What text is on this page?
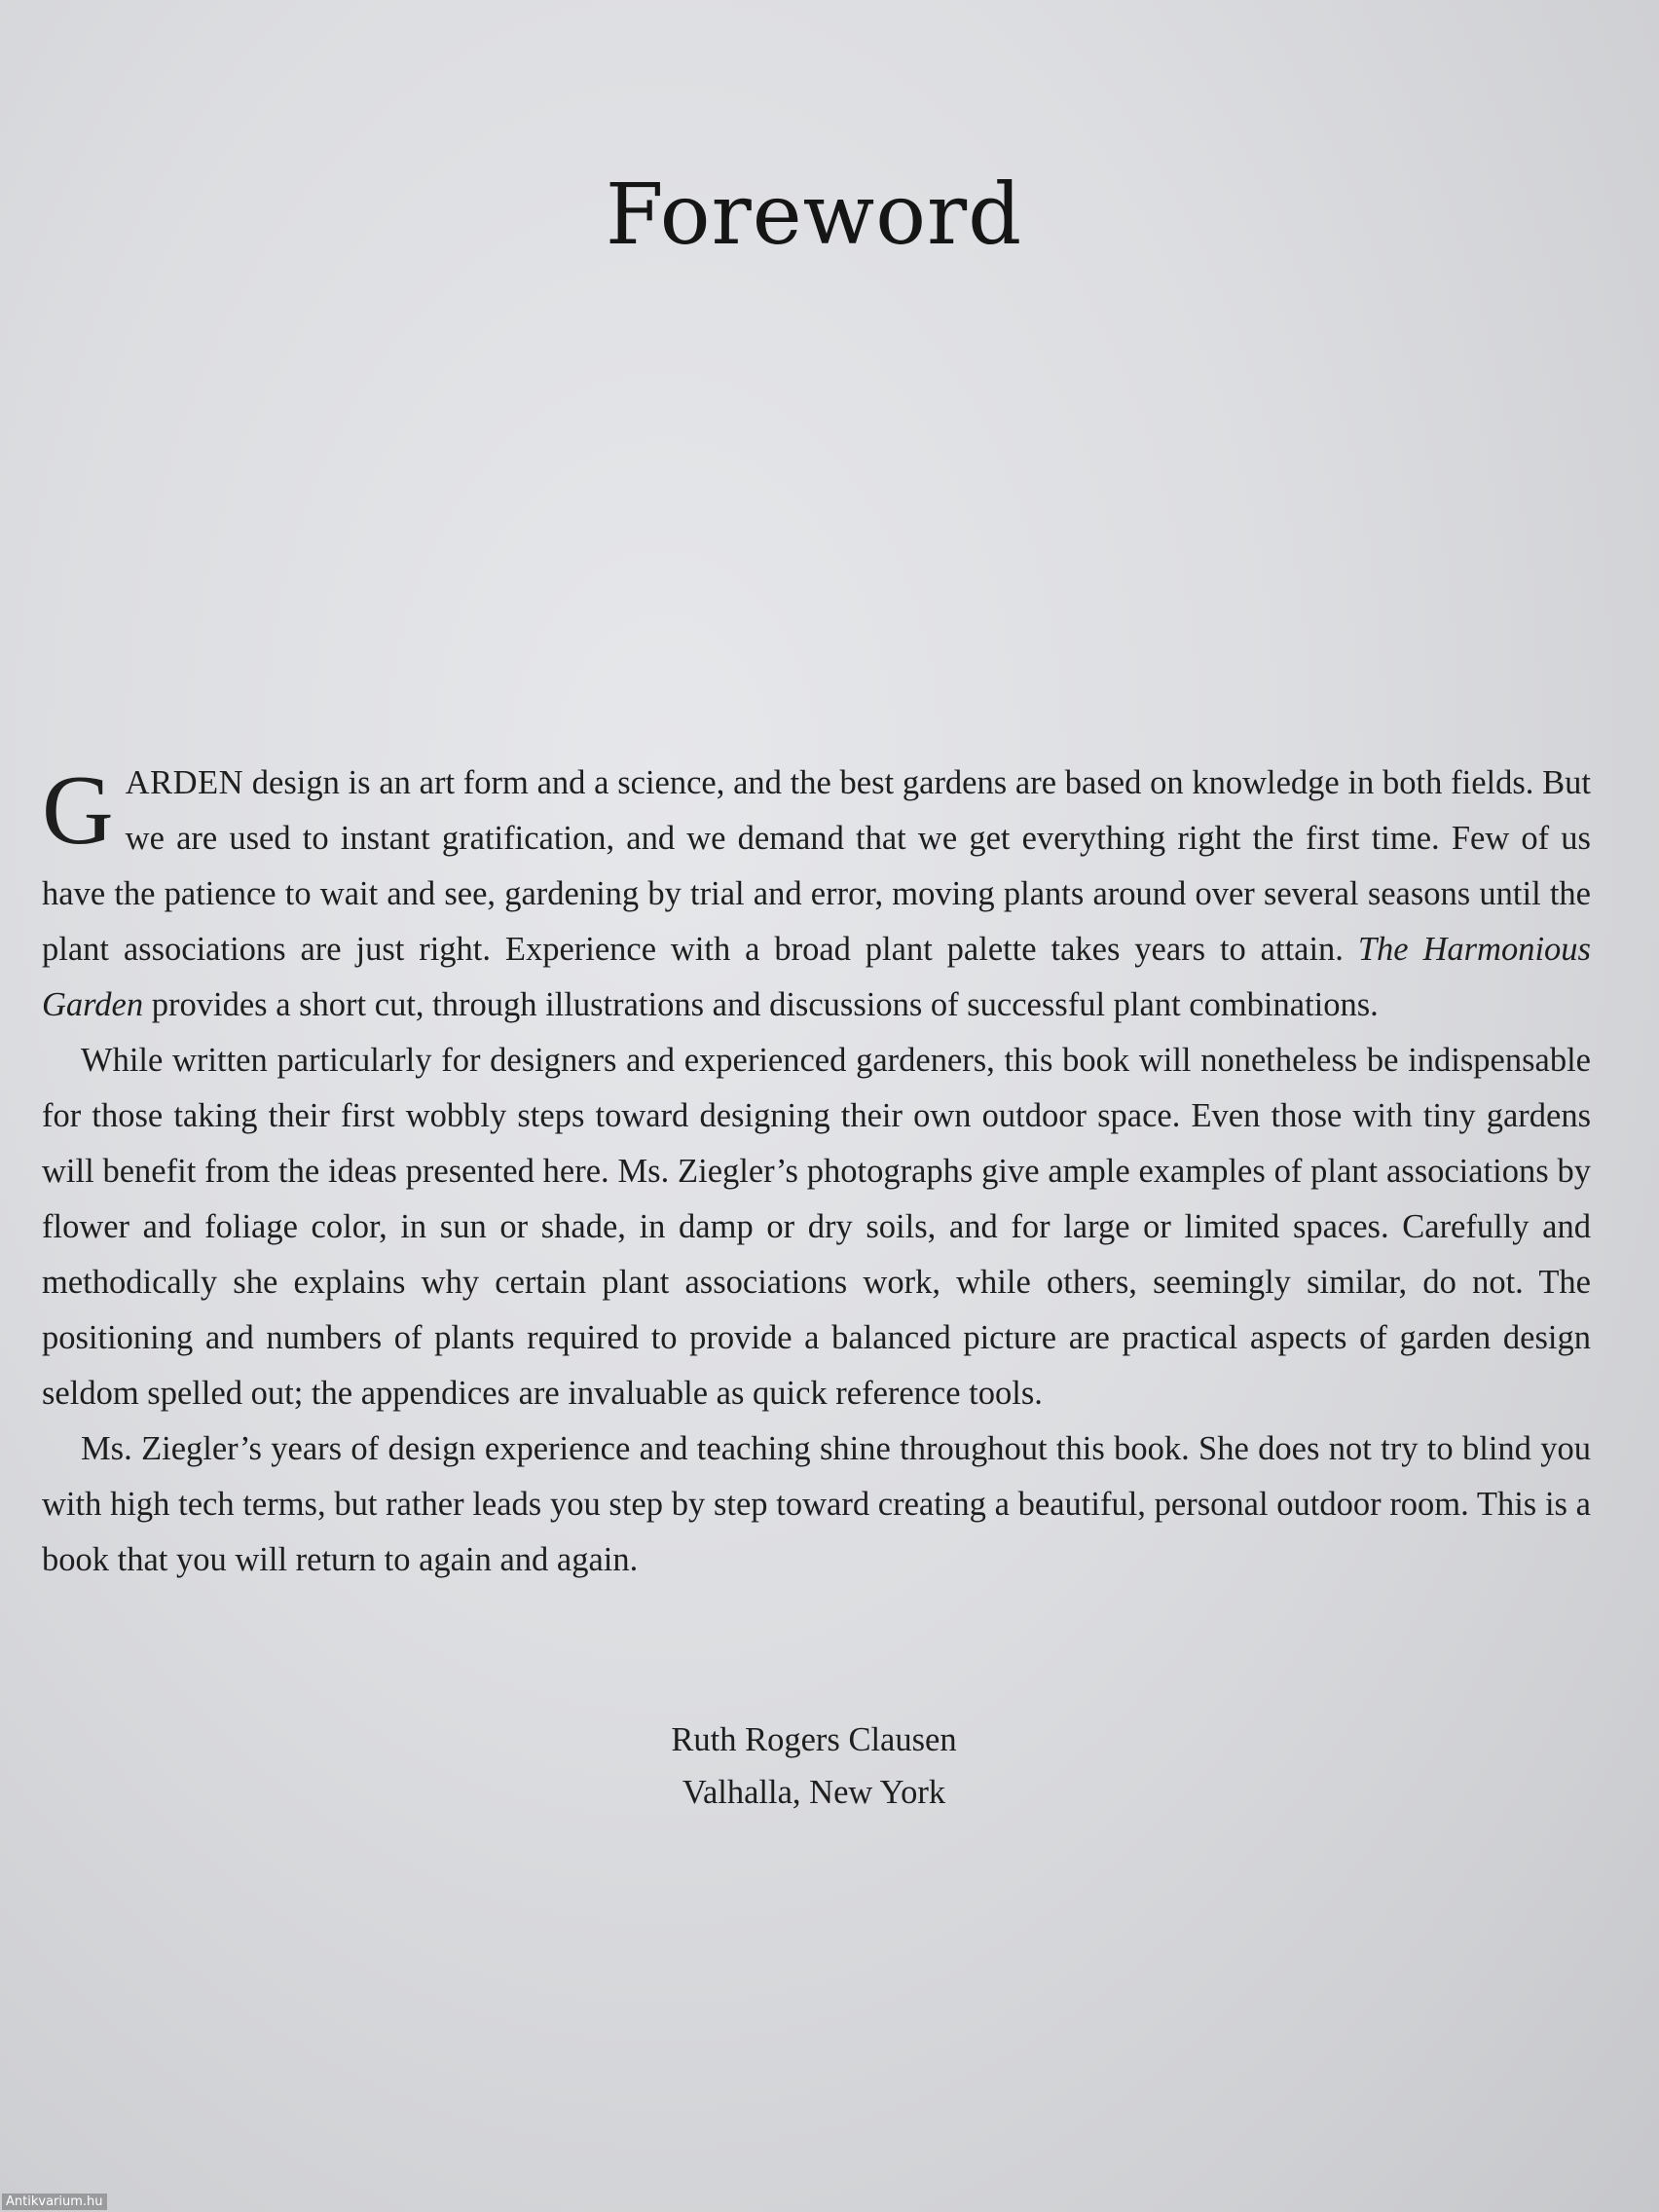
Foreword

GARDEN design is an art form and a science, and the best gardens are based on knowledge in both fields. But we are used to instant gratification, and we demand that we get everything right the first time. Few of us have the patience to wait and see, gardening by trial and error, moving plants around over several seasons until the plant associations are just right. Experience with a broad plant palette takes years to attain. The Harmonious Garden provides a short cut, through illustrations and discussions of successful plant combinations.

While written particularly for designers and experienced gardeners, this book will nonetheless be indispensable for those taking their first wobbly steps toward designing their own outdoor space. Even those with tiny gardens will benefit from the ideas presented here. Ms. Ziegler’s photographs give ample examples of plant associations by flower and foliage color, in sun or shade, in damp or dry soils, and for large or limited spaces. Carefully and methodically she explains why certain plant associations work, while others, seemingly similar, do not. The positioning and numbers of plants required to provide a balanced picture are practical aspects of garden design seldom spelled out; the appendices are invaluable as quick reference tools.

Ms. Ziegler’s years of design experience and teaching shine throughout this book. She does not try to blind you with high tech terms, but rather leads you step by step toward creating a beautiful, personal outdoor room. This is a book that you will return to again and again.

Ruth Rogers Clausen
Valhalla, New York
Antikvarium.hu
